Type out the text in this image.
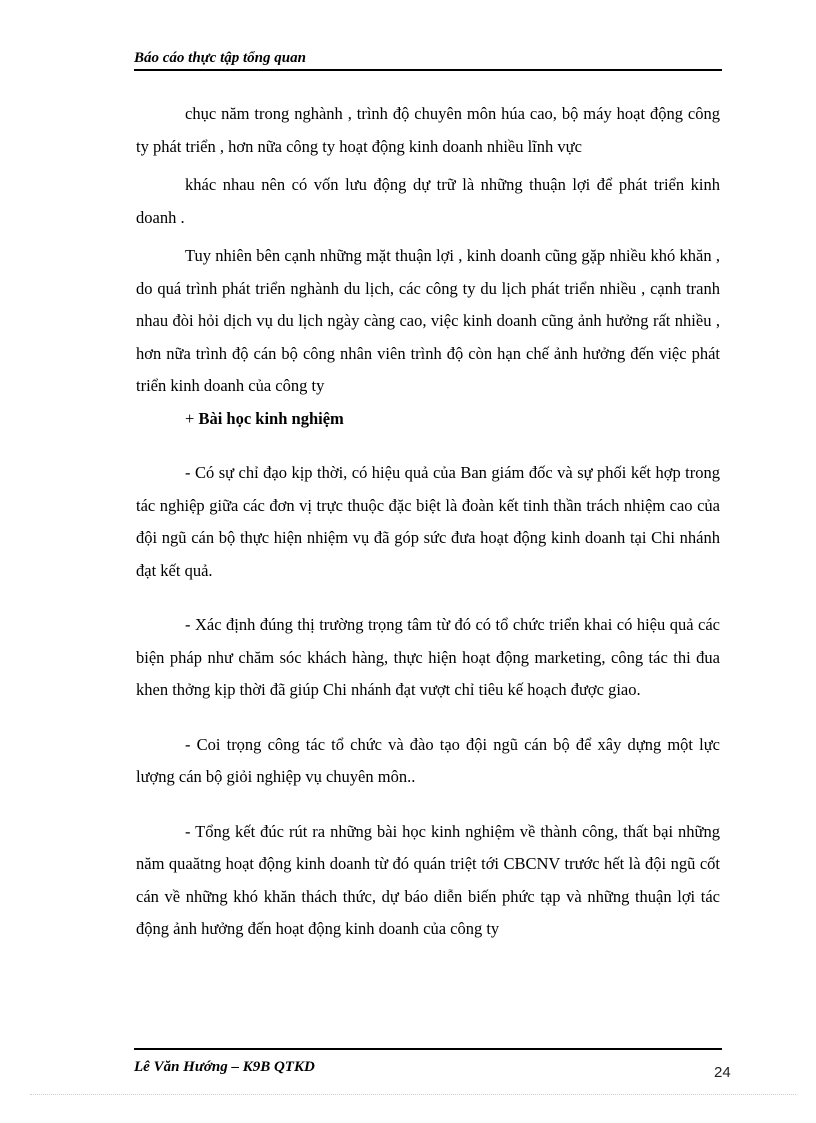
Báo cáo thực tập tổng quan

chục năm trong nghành , trình độ chuyên môn húa cao, bộ máy hoạt động công ty phát triển , hơn nữa công ty hoạt động kinh doanh nhiều lĩnh vực

khác nhau nên có vốn lưu động dự trữ là những thuận lợi để phát triển kinh doanh .

Tuy nhiên bên cạnh những mặt thuận lợi , kinh doanh cũng gặp nhiều khó khăn , do quá trình phát triển nghành du lịch, các công ty du lịch phát triển nhiều , cạnh tranh nhau đòi hỏi dịch vụ du lịch ngày càng cao, việc kinh doanh cũng ảnh hưởng rất nhiều , hơn nữa trình độ cán bộ công nhân viên trình độ còn hạn chế ảnh hưởng đến việc phát triển kinh doanh của công ty

+ Bài học kinh nghiệm

- Có sự chỉ đạo kịp thời, có hiệu quả của Ban giám đốc và sự phối kết hợp trong tác nghiệp giữa các đơn vị trực thuộc đặc biệt là đoàn kết tinh thần trách nhiệm cao của đội ngũ cán bộ thực hiện nhiệm vụ đã góp sức đưa hoạt động kinh doanh tại Chi nhánh đạt kết quả.

- Xác định đúng thị trường trọng tâm từ đó có tổ chức triển khai có hiệu quả các biện pháp như chăm sóc khách hàng, thực hiện hoạt động marketing, công tác thi đua khen thởng kịp thời đã giúp Chi nhánh đạt vượt chỉ tiêu kế hoạch được giao.

- Coi trọng công tác tổ chức và đào tạo đội ngũ cán bộ để xây dựng một lực lượng cán bộ giỏi nghiệp vụ chuyên môn..

- Tổng kết đúc rút ra những bài học kinh nghiệm về thành công, thất bại những năm quaătng hoạt động kinh doanh từ đó quán triệt tới CBCNV trước hết là đội ngũ cốt cán về những khó khăn thách thức, dự báo diễn biến phức tạp và những thuận lợi tác động ảnh hưởng đến hoạt động kinh doanh của công ty

Lê Văn Hướng – K9B QTKD	24
